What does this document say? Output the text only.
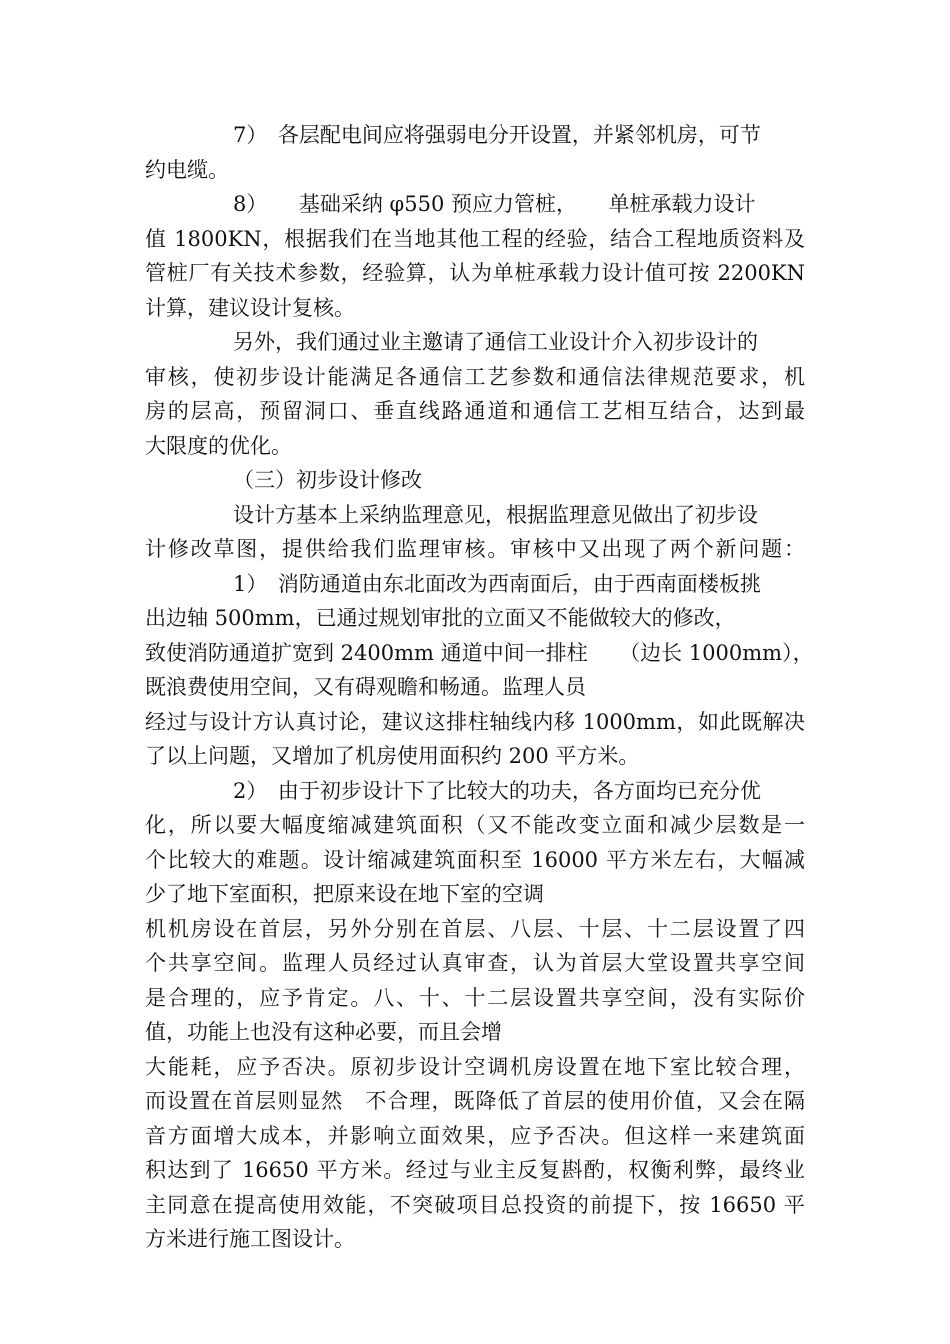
7）　各层配电间应将强弱电分开设置，并紧邻机房，可节

约电缆。

8）　　基础采纳 φ550 预应力管桩，　　单桩承载力设计

值 1800KN，根据我们在当地其他工程的经验，结合工程地质资料及

管桩厂有关技术参数，经验算，认为单桩承载力设计值可按 2200KN

计算，建议设计复核。

另外，我们通过业主邀请了通信工业设计介入初步设计的

审核，使初步设计能满足各通信工艺参数和通信法律规范要求，机

房的层高，预留洞口、垂直线路通道和通信工艺相互结合，达到最

大限度的优化。

（三）初步设计修改

设计方基本上采纳监理意见，根据监理意见做出了初步设

计修改草图，提供给我们监理审核。审核中又出现了两个新问题：

1）　消防通道由东北面改为西南面后，由于西南面楼板挑

出边轴 500mm，已通过规划审批的立面又不能做较大的修改，

致使消防通道扩宽到 2400mm 通道中间一排柱　　（边长 1000mm），

既浪费使用空间，又有碍观瞻和畅通。监理人员

经过与设计方认真讨论，建议这排柱轴线内移 1000mm，如此既解决

了以上问题，又增加了机房使用面积约 200 平方米。

2）　由于初步设计下了比较大的功夫，各方面均已充分优

化，所以要大幅度缩减建筑面积（又不能改变立面和减少层数是一

个比较大的难题。设计缩减建筑面积至 16000 平方米左右，大幅减

少了地下室面积，把原来设在地下室的空调

机机房设在首层，另外分别在首层、八层、十层、十二层设置了四

个共享空间。监理人员经过认真审查，认为首层大堂设置共享空间

是合理的，应予肯定。八、十、十二层设置共享空间，没有实际价

值，功能上也没有这种必要，而且会增

大能耗，应予否决。原初步设计空调机房设置在地下室比较合理，

而设置在首层则显然　不合理，既降低了首层的使用价值，又会在隔

音方面增大成本，并影响立面效果，应予否决。但这样一来建筑面

积达到了 16650 平方米。经过与业主反复斟酌，权衡利弊，最终业

主同意在提高使用效能，不突破项目总投资的前提下，按 16650 平

方米进行施工图设计。
